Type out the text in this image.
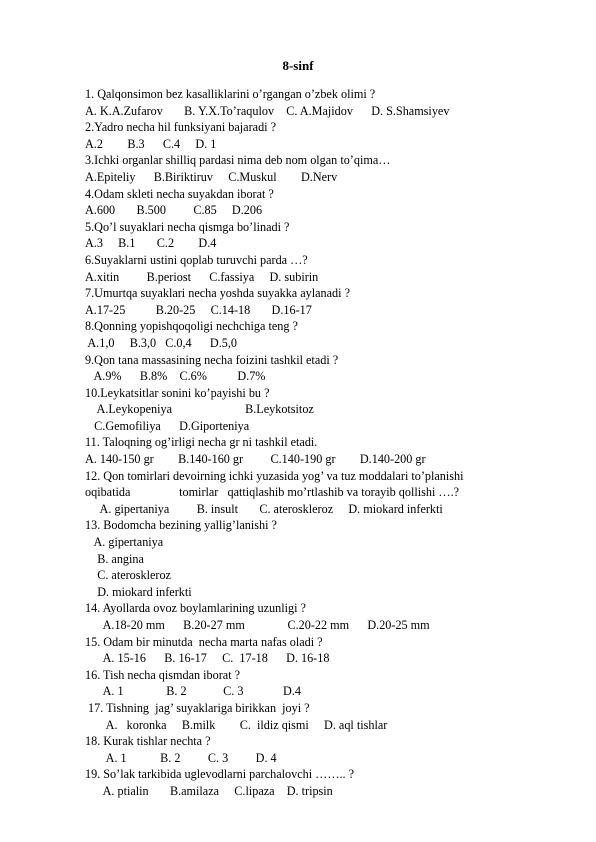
8-sinf
1. Qalqonsimon bez kasalliklarini o’rgangan o’zbek olimi ?
A. K.A.Zufarov       B. Y.X.To’raqulov    C. A.Majidov      D. S.Shamsiyev
2.Yadro necha hil funksiyani bajaradi ?
A.2        B.3      C.4     D. 1
3.Ichki organlar shilliq pardasi nima deb nom olgan to’qima…
A.Epiteliy      B.Biriktiruv     C.Muskul        D.Nerv
4.Odam skleti necha suyakdan iborat ?
A.600       B.500         C.85     D.206
5.Qo’l suyaklari necha qismga bo’linadi ?
A.3     B.1       C.2        D.4
6.Suyaklarni ustini qoplab turuvchi parda …?
A.xitin         B.periost      C.fassiya     D. subirin
7.Umurtqa suyaklari necha yoshda suyakka aylanadi ?
A.17-25          B.20-25     C.14-18       D.16-17
8.Qonning yopishqoqoligi nechchiga teng ?
A.1,0     B.3,0   C.0,4      D.5,0
9.Qon tana massasining necha foizini tashkil etadi ?
A.9%      B.8%    C.6%          D.7%
10.Leykatsitlar sonini ko’payishi bu ?
A.Leykopeniya                        B.Leykotsitoz
C.Gemofiliya      D.Giporteniya
11. Taloqning og’irligi necha gr ni tashkil etadi.
A. 140-150 gr        B.140-160 gr         C.140-190 gr        D.140-200 gr
12. Qon tomirlari devoirning ichki yuzasida yog’ va tuz moddalari to’planishi
oqibatida                tomirlar   qattiqlashib mo’rtlashib va torayib qollishi ….?
A. gipertaniya         B. insult       C. ateroskleroz     D. miokard inferkti
13. Bodomcha bezining yallig’lanishi ?
A. gipertaniya
B. angina
C. ateroskleroz
D. miokard inferkti
14. Ayollarda ovoz boylamlarining uzunligi ?
A.18-20 mm      B.20-27 mm              C.20-22 mm      D.20-25 mm
15. Odam bir minutda  necha marta nafas oladi ?
A. 15-16      B. 16-17     C.  17-18      D. 16-18
16. Tish necha qismdan iborat ?
A. 1              B. 2            C. 3             D.4
17. Tishning  jag’ suyaklariga birikkan  joyi ?
A.   koronka     B.milk        C.  ildiz qismi     D. aql tishlar
18. Kurak tishlar nechta ?
A. 1           B. 2         C. 3         D. 4
19. So’lak tarkibida uglevodlarni parchalovchi …….. ?
A. ptialin       B.amilaza     C.lipaza    D. tripsin
